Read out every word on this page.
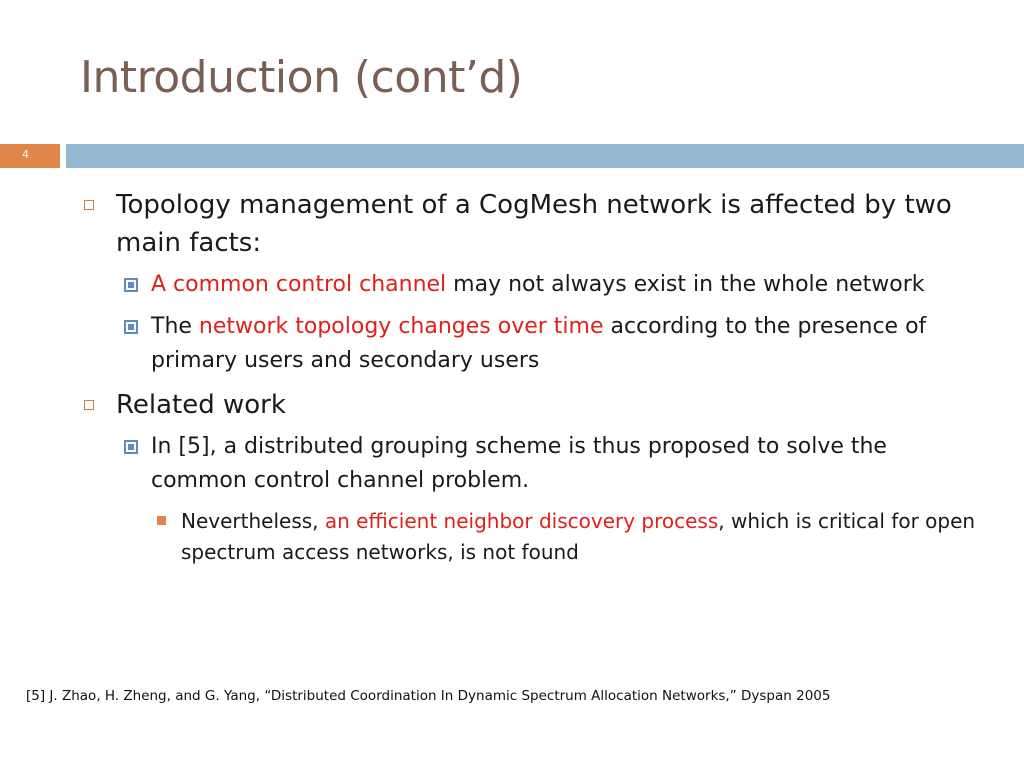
Introduction (cont’d)
4
Topology management of a CogMesh network is affected by two main facts:
A common control channel may not always exist in the whole network
The network topology changes over time according to the presence of primary users and secondary users
Related work
In [5], a distributed grouping scheme is thus proposed to solve the common control channel problem.
Nevertheless, an efficient neighbor discovery process, which is critical for open spectrum access networks, is not found
[5] J. Zhao, H. Zheng, and G. Yang, “Distributed Coordination In Dynamic Spectrum Allocation Networks,” Dyspan 2005
